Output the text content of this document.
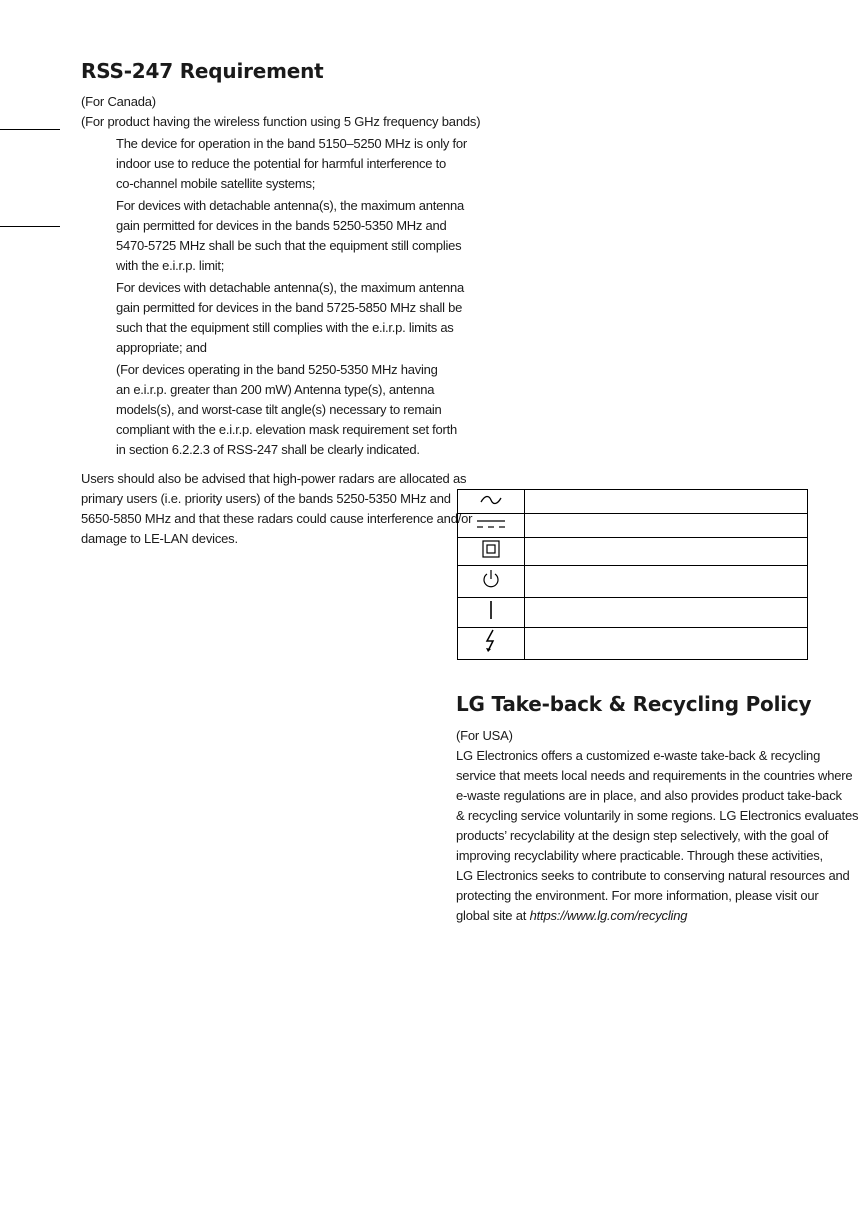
RSS-247 Requirement

(For Canada)
(For product having the wireless function using 5 GHz frequency bands)

The device for operation in the band 5150–5250 MHz is only for
indoor use to reduce the potential for harmful interference to
co-channel mobile satellite systems;
For devices with detachable antenna(s), the maximum antenna
gain permitted for devices in the bands 5250-5350 MHz and
5470-5725 MHz shall be such that the equipment still complies
with the e.i.r.p. limit;
For devices with detachable antenna(s), the maximum antenna
gain permitted for devices in the band 5725-5850 MHz shall be
such that the equipment still complies with the e.i.r.p. limits as
appropriate; and
(For devices operating in the band 5250-5350 MHz having
an e.i.r.p. greater than 200 mW) Antenna type(s), antenna
models(s), and worst-case tilt angle(s) necessary to remain
compliant with the e.i.r.p. elevation mask requirement set forth
in section 6.2.2.3 of RSS-247 shall be clearly indicated.

Users should also be advised that high-power radars are allocated as
primary users (i.e. priority users) of the bands 5250-5350 MHz and
5650-5850 MHz and that these radars could cause interference and/or
damage to LE-LAN devices.

LG Take-back & Recycling Policy

(For USA)
LG Electronics offers a customized e-waste take-back & recycling
service that meets local needs and requirements in the countries where
e-waste regulations are in place, and also provides product take-back
& recycling service voluntarily in some regions. LG Electronics evaluates
products’ recyclability at the design step selectively, with the goal of
improving recyclability where practicable. Through these activities,
LG Electronics seeks to contribute to conserving natural resources and
protecting the environment. For more information, please visit our
global site at https://www.lg.com/recycling
